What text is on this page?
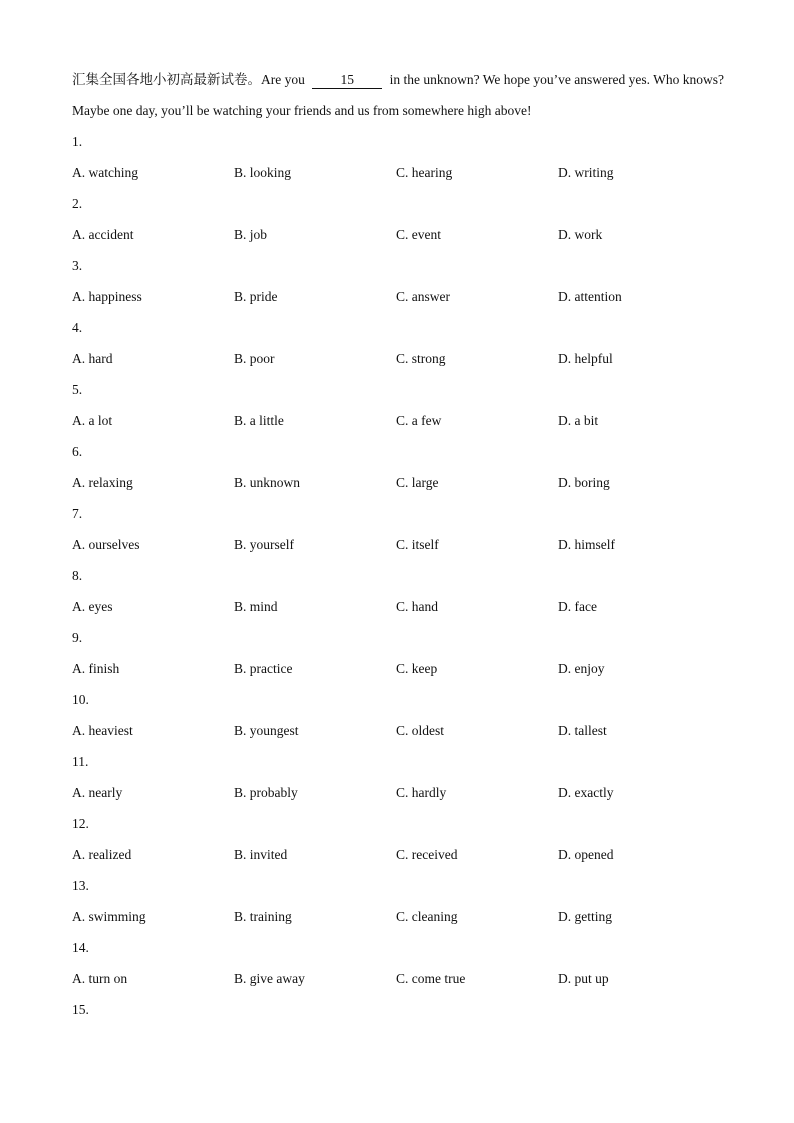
汇集全国各地小初高最新试卷。Are you	15	in the unknown? We hope you’ve answered yes. Who knows? Maybe one day, you’ll be watching your friends and us from somewhere high above!

1.
A. watching	B. looking	C. hearing	D. writing
2.
A. accident	B. job	C. event	D. work
3.
A. happiness	B. pride	C. answer	D. attention
4.
A. hard	B. poor	C. strong	D. helpful
5.
A. a lot	B. a little	C. a few	D. a bit
6.
A. relaxing	B. unknown	C. large	D. boring
7.
A. ourselves	B. yourself	C. itself	D. himself
8.
A. eyes	B. mind	C. hand	D. face
9.
A. finish	B. practice	C. keep	D. enjoy
10.
A. heaviest	B. youngest	C. oldest	D. tallest
11.
A. nearly	B. probably	C. hardly	D. exactly
12.
A. realized	B. invited	C. received	D. opened
13.
A. swimming	B. training	C. cleaning	D. getting
14.
A. turn on	B. give away	C. come true	D. put up
15.
